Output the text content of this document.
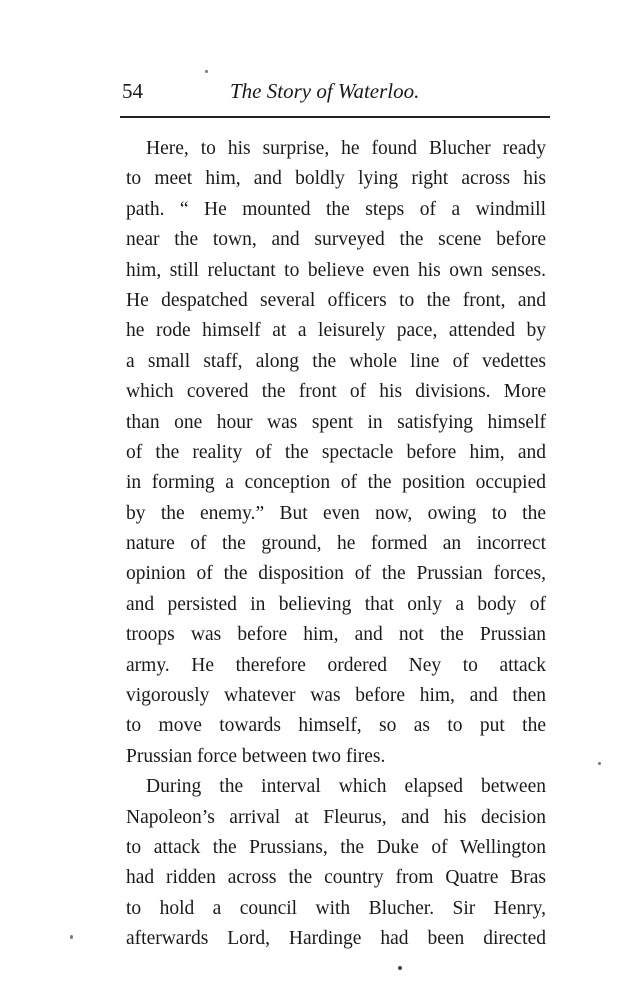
54	The Story of Waterloo.
Here, to his surprise, he found Blucher ready
to meet him, and boldly lying right across his
path. “ He mounted the steps of a windmill
near the town, and surveyed the scene before
him, still reluctant to believe even his own senses.
He despatched several officers to the front, and
he rode himself at a leisurely pace, attended by
a small staff, along the whole line of vedettes
which covered the front of his divisions. More
than one hour was spent in satisfying himself
of the reality of the spectacle before him, and
in forming a conception of the position occupied
by the enemy.” But even now, owing to the
nature of the ground, he formed an incorrect
opinion of the disposition of the Prussian forces,
and persisted in believing that only a body of
troops was before him, and not the Prussian
army. He therefore ordered Ney to attack
vigorously whatever was before him, and then
to move towards himself, so as to put the
Prussian force between two fires.
During the interval which elapsed between
Napoleon’s arrival at Fleurus, and his decision
to attack the Prussians, the Duke of Wellington
had ridden across the country from Quatre Bras
to hold a council with Blucher. Sir Henry,
afterwards Lord, Hardinge had been directed
